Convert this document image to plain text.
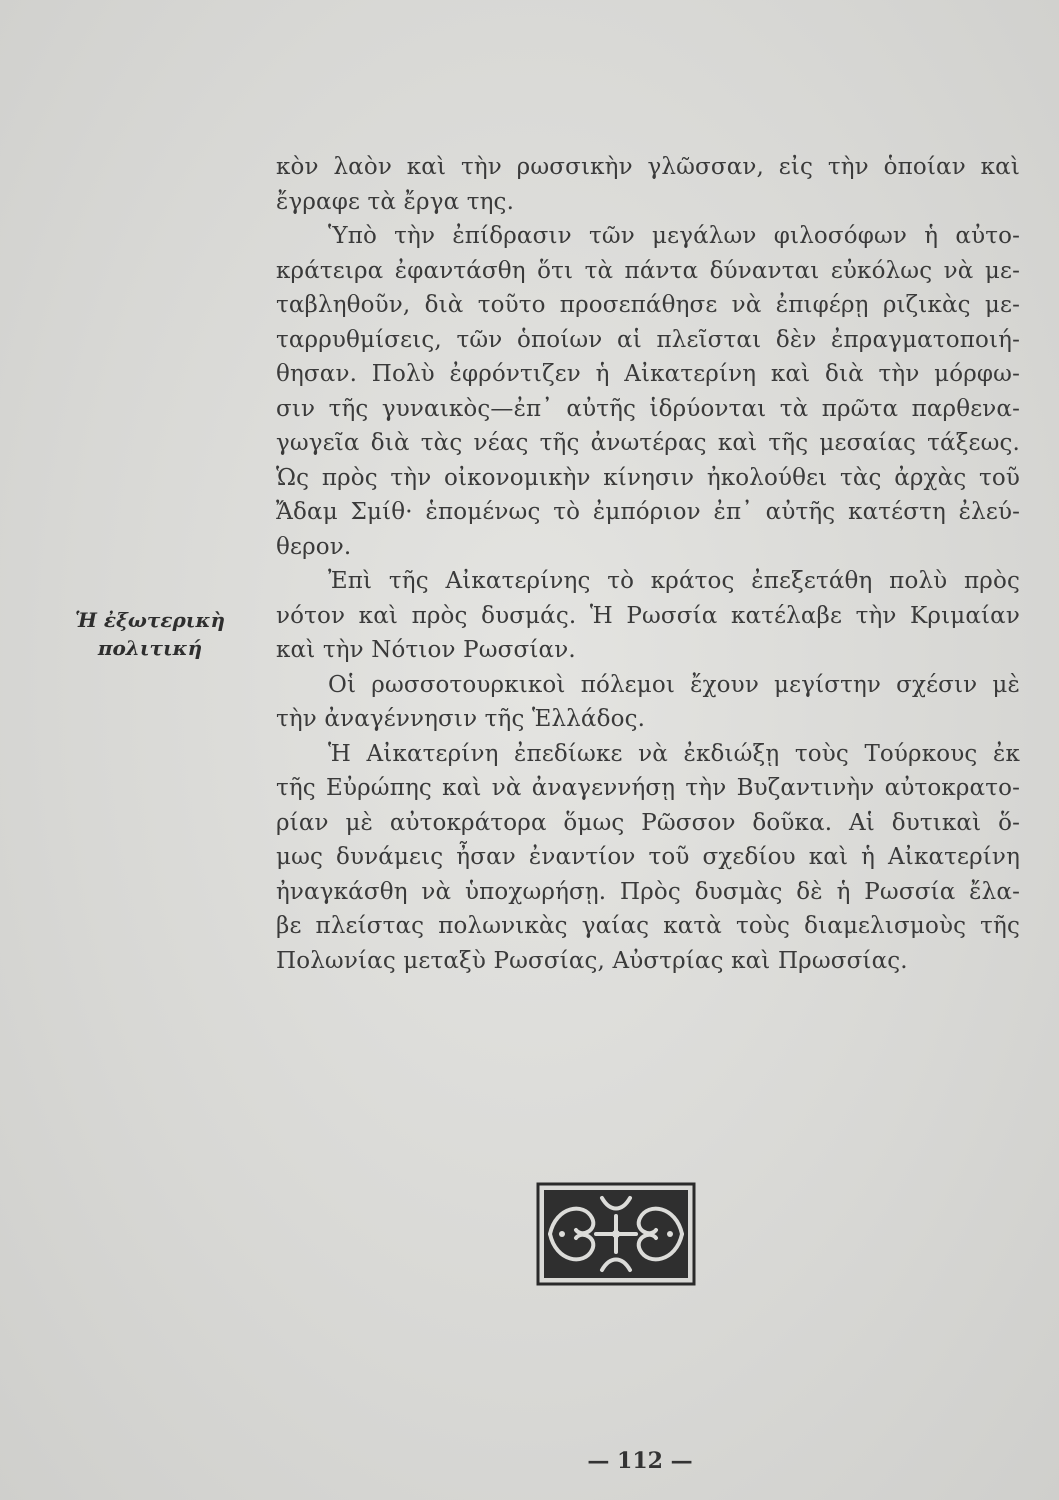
Ἡ ἐξωτερικὴ
πολιτική
κὸν λαὸν καὶ τὴν ρωσσικὴν γλῶσσαν, εἰς τὴν ὁποίαν καὶ
ἔγραφε τὰ ἔργα της.
Ὑπὸ τὴν ἐπίδρασιν τῶν μεγάλων φιλοσόφων ἡ αὐτο-
κράτειρα ἐφαντάσθη ὅτι τὰ πάντα δύνανται εὐκόλως νὰ με-
ταβληθοῦν, διὰ τοῦτο προσεπάθησε νὰ ἐπιφέρῃ ριζικὰς με-
ταρρυθμίσεις, τῶν ὁποίων αἱ πλεῖσται δὲν ἐπραγματοποιή-
θησαν. Πολὺ ἐφρόντιζεν ἡ Αἰκατερίνη καὶ διὰ τὴν μόρφω-
σιν τῆς γυναικὸς—ἐπ᾽ αὐτῆς ἱδρύονται τὰ πρῶτα παρθενα-
γωγεῖα διὰ τὰς νέας τῆς ἀνωτέρας καὶ τῆς μεσαίας τάξεως.
Ὡς πρὸς τὴν οἰκονομικὴν κίνησιν ἠκολούθει τὰς ἀρχὰς τοῦ
Ἄδαμ Σμίθ· ἑπομένως τὸ ἐμπόριον ἐπ᾽ αὐτῆς κατέστη ἐλεύ-
θερον.
Ἐπὶ τῆς Αἰκατερίνης τὸ κράτος ἐπεξετάθη πολὺ πρὸς
νότον καὶ πρὸς δυσμάς. Ἡ Ρωσσία κατέλαβε τὴν Κριμαίαν
καὶ τὴν Νότιον Ρωσσίαν.
Οἱ ρωσσοτουρκικοὶ πόλεμοι ἔχουν μεγίστην σχέσιν μὲ
τὴν ἀναγέννησιν τῆς Ἑλλάδος.
Ἡ Αἰκατερίνη ἐπεδίωκε νὰ ἐκδιώξῃ τοὺς Τούρκους ἐκ
τῆς Εὐρώπης καὶ νὰ ἀναγεννήσῃ τὴν Βυζαντινὴν αὐτοκρατο-
ρίαν μὲ αὐτοκράτορα ὅμως Ρῶσσον δοῦκα. Αἱ δυτικαὶ ὅ-
μως δυνάμεις ἦσαν ἐναντίον τοῦ σχεδίου καὶ ἡ Αἰκατερίνη
ἠναγκάσθη νὰ ὑποχωρήσῃ. Πρὸς δυσμὰς δὲ ἡ Ρωσσία ἔλα-
βε πλείστας πολωνικὰς γαίας κατὰ τοὺς διαμελισμοὺς τῆς
Πολωνίας μεταξὺ Ρωσσίας, Αὐστρίας καὶ Πρωσσίας.
— 112 —
